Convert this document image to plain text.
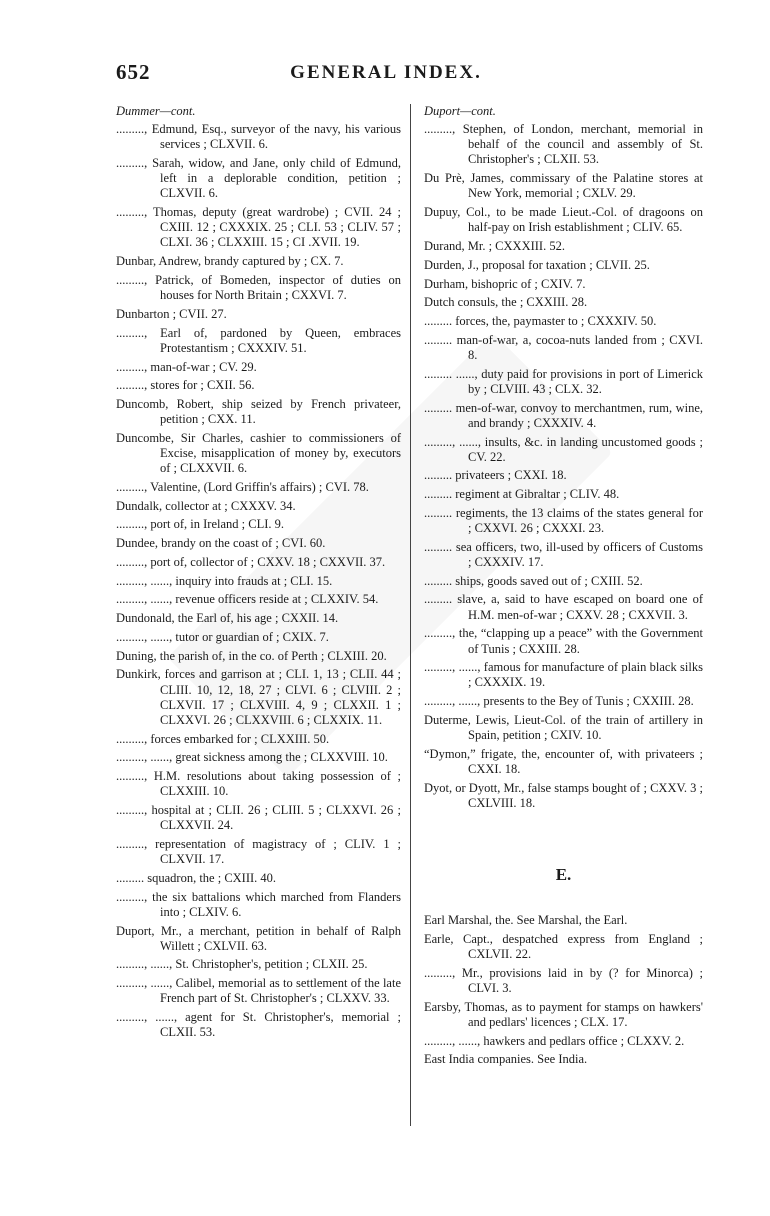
652	GENERAL INDEX.
Dummer—cont.
........., Edmund, Esq., surveyor of the navy, his various services ; CLXVII. 6.
........., Sarah, widow, and Jane, only child of Edmund, left in a deplorable condition, petition ; CLXVII. 6.
........., Thomas, deputy (great wardrobe) ; CVII. 24 ; CXIII. 12 ; CXXXIX. 25 ; CLI. 53 ; CLIV. 57 ; CLXI. 36 ; CLXXIII. 15 ; CI .XVII. 19.
Dunbar, Andrew, brandy captured by ; CX. 7.
........., Patrick, of Bomeden, inspector of duties on houses for North Britain ; CXXVI. 7.
Dunbarton ; CVII. 27.
........., Earl of, pardoned by Queen, embraces Protestantism ; CXXXIV. 51.
........., man-of-war ; CV. 29.
........., stores for ; CXII. 56.
Duncomb, Robert, ship seized by French privateer, petition ; CXX. 11.
Duncombe, Sir Charles, cashier to commissioners of Excise, misapplication of money by, executors of ; CLXXVII. 6.
........., Valentine, (Lord Griffin's affairs) ; CVI. 78.
Dundalk, collector at ; CXXXV. 34.
........., port of, in Ireland ; CLI. 9.
Dundee, brandy on the coast of ; CVI. 60.
........., port of, collector of ; CXXV. 18 ; CXXVII. 37.
........., ......, inquiry into frauds at ; CLI. 15.
........., ......, revenue officers reside at ; CLXXIV. 54.
Dundonald, the Earl of, his age ; CXXII. 14.
........., ......, tutor or guardian of ; CXIX. 7.
Duning, the parish of, in the co. of Perth ; CLXIII. 20.
Dunkirk, forces and garrison at ; CLI. 1, 13 ; CLII. 44 ; CLIII. 10, 12, 18, 27 ; CLVI. 6 ; CLVIII. 2 ; CLXVII. 17 ; CLXVIII. 4, 9 ; CLXXII. 1 ; CLXXVI. 26 ; CLXXVIII. 6 ; CLXXIX. 11.
........., forces embarked for ; CLXXIII. 50.
........., ......, great sickness among the ; CLXXVIII. 10.
........., H.M. resolutions about taking possession of ; CLXXIII. 10.
........., hospital at ; CLII. 26 ; CLIII. 5 ; CLXXVI. 26 ; CLXXVII. 24.
........., representation of magistracy of ; CLIV. 1 ; CLXVII. 17.
......... squadron, the ; CXIII. 40.
........., the six battalions which marched from Flanders into ; CLXIV. 6.
Duport, Mr., a merchant, petition in behalf of Ralph Willett ; CXLVII. 63.
........., ......, St. Christopher's, petition ; CLXII. 25.
........., ......, Calibel, memorial as to settlement of the late French part of St. Christopher's ; CLXXV. 33.
........., ......, agent for St. Christopher's, memorial ; CLXII. 53.
Duport—cont.
........., Stephen, of London, merchant, memorial in behalf of the council and assembly of St. Christopher's ; CLXII. 53.
Du Prè, James, commissary of the Palatine stores at New York, memorial ; CXLV. 29.
Dupuy, Col., to be made Lieut.-Col. of dragoons on half-pay on Irish establishment ; CLIV. 65.
Durand, Mr. ; CXXXIII. 52.
Durden, J., proposal for taxation ; CLVII. 25.
Durham, bishopric of ; CXIV. 7.
Dutch consuls, the ; CXXIII. 28.
......... forces, the, paymaster to ; CXXXIV. 50.
......... man-of-war, a, cocoa-nuts landed from ; CXVI. 8.
......... ......, duty paid for provisions in port of Limerick by ; CLVIII. 43 ; CLX. 32.
......... men-of-war, convoy to merchantmen, rum, wine, and brandy ; CXXXIV. 4.
........., ......, insults, &c. in landing uncustomed goods ; CV. 22.
......... privateers ; CXXI. 18.
......... regiment at Gibraltar ; CLIV. 48.
......... regiments, the 13 claims of the states general for ; CXXVI. 26 ; CXXXI. 23.
......... sea officers, two, ill-used by officers of Customs ; CXXXIV. 17.
......... ships, goods saved out of ; CXIII. 52.
......... slave, a, said to have escaped on board one of H.M. men-of-war ; CXXV. 28 ; CXXVII. 3.
........., the, “clapping up a peace” with the Government of Tunis ; CXXIII. 28.
........., ......, famous for manufacture of plain black silks ; CXXXIX. 19.
........., ......, presents to the Bey of Tunis ; CXXIII. 28.
Duterme, Lewis, Lieut-Col. of the train of artillery in Spain, petition ; CXIV. 10.
“Dymon,” frigate, the, encounter of, with privateers ; CXXI. 18.
Dyot, or Dyott, Mr., false stamps bought of ; CXXV. 3 ; CXLVIII. 18.
E.
Earl Marshal, the. See Marshal, the Earl.
Earle, Capt., despatched express from England ; CXLVII. 22.
........., Mr., provisions laid in by (? for Minorca) ; CLVI. 3.
Earsby, Thomas, as to payment for stamps on hawkers' and pedlars' licences ; CLX. 17.
........., ......, hawkers and pedlars office ; CLXXV. 2.
East India companies. See India.
